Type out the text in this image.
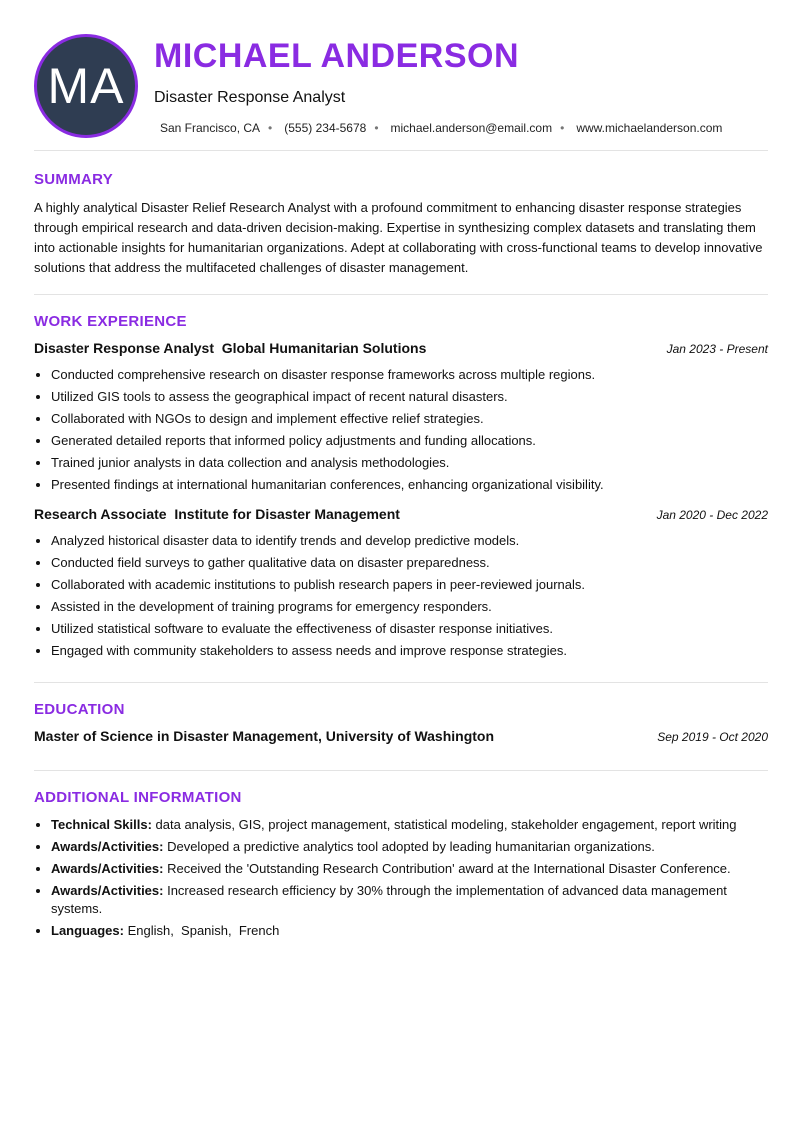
MA
MICHAEL ANDERSON
Disaster Response Analyst
San Francisco, CA • (555) 234-5678 • michael.anderson@email.com • www.michaelanderson.com
SUMMARY
A highly analytical Disaster Relief Research Analyst with a profound commitment to enhancing disaster response strategies through empirical research and data-driven decision-making. Expertise in synthesizing complex datasets and translating them into actionable insights for humanitarian organizations. Adept at collaborating with cross-functional teams to develop innovative solutions that address the multifaceted challenges of disaster management.
WORK EXPERIENCE
Disaster Response Analyst  Global Humanitarian Solutions	Jan 2023 - Present
• Conducted comprehensive research on disaster response frameworks across multiple regions.
• Utilized GIS tools to assess the geographical impact of recent natural disasters.
• Collaborated with NGOs to design and implement effective relief strategies.
• Generated detailed reports that informed policy adjustments and funding allocations.
• Trained junior analysts in data collection and analysis methodologies.
• Presented findings at international humanitarian conferences, enhancing organizational visibility.
Research Associate  Institute for Disaster Management	Jan 2020 - Dec 2022
• Analyzed historical disaster data to identify trends and develop predictive models.
• Conducted field surveys to gather qualitative data on disaster preparedness.
• Collaborated with academic institutions to publish research papers in peer-reviewed journals.
• Assisted in the development of training programs for emergency responders.
• Utilized statistical software to evaluate the effectiveness of disaster response initiatives.
• Engaged with community stakeholders to assess needs and improve response strategies.
EDUCATION
Master of Science in Disaster Management, University of Washington	Sep 2019 - Oct 2020
ADDITIONAL INFORMATION
• Technical Skills: data analysis, GIS, project management, statistical modeling, stakeholder engagement, report writing
• Awards/Activities: Developed a predictive analytics tool adopted by leading humanitarian organizations.
• Awards/Activities: Received the 'Outstanding Research Contribution' award at the International Disaster Conference.
• Awards/Activities: Increased research efficiency by 30% through the implementation of advanced data management systems.
• Languages: English,  Spanish,  French
